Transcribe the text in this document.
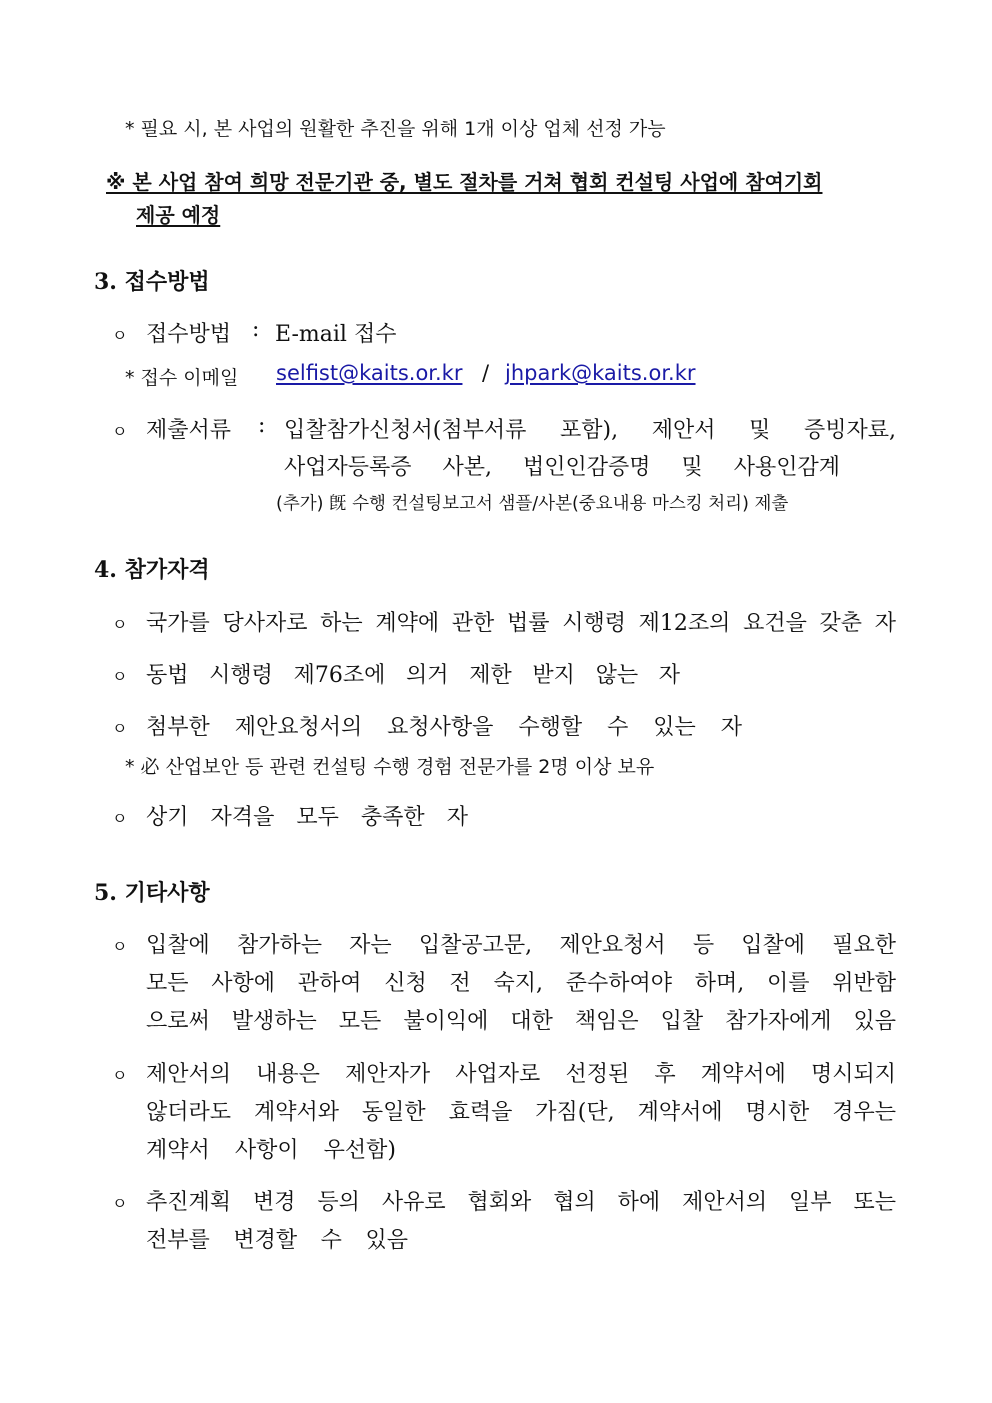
* 필요 시, 본 사업의 원활한 추진을 위해 1개 이상 업체 선정 가능
※ 본 사업 참여 희망 전문기관 중, 별도 절차를 거쳐 협회 컨설팅 사업에 참여기회
제공 예정
3. 접수방법
ㅇ 접수방법 : E-mail 접수
* 접수 이메일 selfist@kaits.or.kr / jhpark@kaits.or.kr
ㅇ 제출서류 : 입찰참가신청서(첨부서류 포함), 제안서 및 증빙자료,
사업자등록증 사본, 법인인감증명 및 사용인감계
(추가) 旣 수행 컨설팅보고서 샘플/사본(중요내용 마스킹 처리) 제출
4. 참가자격
ㅇ 국가를 당사자로 하는 계약에 관한 법률 시행령 제12조의 요건을 갖춘 자
ㅇ 동법 시행령 제76조에 의거 제한 받지 않는 자
ㅇ 첨부한 제안요청서의 요청사항을 수행할 수 있는 자
* 必 산업보안 등 관련 컨설팅 수행 경험 전문가를 2명 이상 보유
ㅇ 상기 자격을 모두 충족한 자
5. 기타사항
ㅇ 입찰에 참가하는 자는 입찰공고문, 제안요청서 등 입찰에 필요한
모든 사항에 관하여 신청 전 숙지, 준수하여야 하며, 이를 위반함
으로써 발생하는 모든 불이익에 대한 책임은 입찰 참가자에게 있음
ㅇ 제안서의 내용은 제안자가 사업자로 선정된 후 계약서에 명시되지
않더라도 계약서와 동일한 효력을 가짐(단, 계약서에 명시한 경우는
계약서 사항이 우선함)
ㅇ 추진계획 변경 등의 사유로 협회와 협의 하에 제안서의 일부 또는
전부를 변경할 수 있음
